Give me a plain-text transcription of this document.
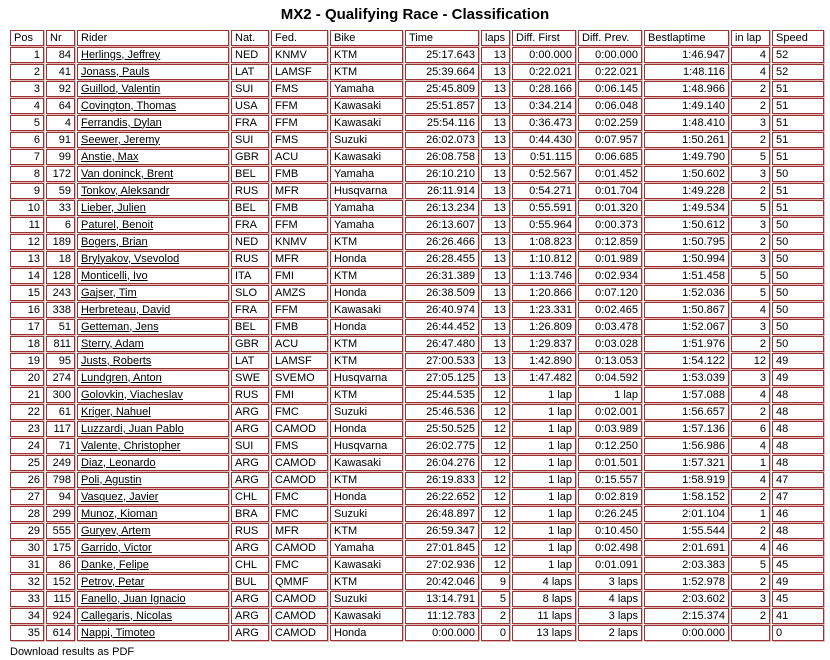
MX2 - Qualifying Race - Classification
Pos	Nr	Rider	Nat.	Fed.	Bike	Time	laps	Diff. First	Diff. Prev.	Bestlaptime	in lap	Speed
1	84	Herlings, Jeffrey	NED	KNMV	KTM	25:17.643	13	0:00.000	0:00.000	1:46.947	4	52
2	41	Jonass, Pauls	LAT	LAMSF	KTM	25:39.664	13	0:22.021	0:22.021	1:48.116	4	52
3	92	Guillod, Valentin	SUI	FMS	Yamaha	25:45.809	13	0:28.166	0:06.145	1:48.966	2	51
4	64	Covington, Thomas	USA	FFM	Kawasaki	25:51.857	13	0:34.214	0:06.048	1:49.140	2	51
5	4	Ferrandis, Dylan	FRA	FFM	Kawasaki	25:54.116	13	0:36.473	0:02.259	1:48.410	3	51
6	91	Seewer, Jeremy	SUI	FMS	Suzuki	26:02.073	13	0:44.430	0:07.957	1:50.261	2	51
7	99	Anstie, Max	GBR	ACU	Kawasaki	26:08.758	13	0:51.115	0:06.685	1:49.790	5	51
8	172	Van doninck, Brent	BEL	FMB	Yamaha	26:10.210	13	0:52.567	0:01.452	1:50.602	3	50
9	59	Tonkov, Aleksandr	RUS	MFR	Husqvarna	26:11.914	13	0:54.271	0:01.704	1:49.228	2	51
10	33	Lieber, Julien	BEL	FMB	Yamaha	26:13.234	13	0:55.591	0:01.320	1:49.534	5	51
11	6	Paturel, Benoit	FRA	FFM	Yamaha	26:13.607	13	0:55.964	0:00.373	1:50.612	3	50
12	189	Bogers, Brian	NED	KNMV	KTM	26:26.466	13	1:08.823	0:12.859	1:50.795	2	50
13	18	Brylyakov, Vsevolod	RUS	MFR	Honda	26:28.455	13	1:10.812	0:01.989	1:50.994	3	50
14	128	Monticelli, Ivo	ITA	FMI	KTM	26:31.389	13	1:13.746	0:02.934	1:51.458	5	50
15	243	Gajser, Tim	SLO	AMZS	Honda	26:38.509	13	1:20.866	0:07.120	1:52.036	5	50
16	338	Herbreteau, David	FRA	FFM	Kawasaki	26:40.974	13	1:23.331	0:02.465	1:50.867	4	50
17	51	Getteman, Jens	BEL	FMB	Honda	26:44.452	13	1:26.809	0:03.478	1:52.067	3	50
18	811	Sterry, Adam	GBR	ACU	KTM	26:47.480	13	1:29.837	0:03.028	1:51.976	2	50
19	95	Justs, Roberts	LAT	LAMSF	KTM	27:00.533	13	1:42.890	0:13.053	1:54.122	12	49
20	274	Lundgren, Anton	SWE	SVEMO	Husqvarna	27:05.125	13	1:47.482	0:04.592	1:53.039	3	49
21	300	Golovkin, Viacheslav	RUS	FMI	KTM	25:44.535	12	1 lap	1 lap	1:57.088	4	48
22	61	Kriger, Nahuel	ARG	FMC	Suzuki	25:46.536	12	1 lap	0:02.001	1:56.657	2	48
23	117	Luzzardi, Juan Pablo	ARG	CAMOD	Honda	25:50.525	12	1 lap	0:03.989	1:57.136	6	48
24	71	Valente, Christopher	SUI	FMS	Husqvarna	26:02.775	12	1 lap	0:12.250	1:56.986	4	48
25	249	Diaz, Leonardo	ARG	CAMOD	Kawasaki	26:04.276	12	1 lap	0:01.501	1:57.321	1	48
26	798	Poli, Agustin	ARG	CAMOD	KTM	26:19.833	12	1 lap	0:15.557	1:58.919	4	47
27	94	Vasquez, Javier	CHL	FMC	Honda	26:22.652	12	1 lap	0:02.819	1:58.152	2	47
28	299	Munoz, Kioman	BRA	FMC	Suzuki	26:48.897	12	1 lap	0:26.245	2:01.104	1	46
29	555	Guryev, Artem	RUS	MFR	KTM	26:59.347	12	1 lap	0:10.450	1:55.544	2	48
30	175	Garrido, Victor	ARG	CAMOD	Yamaha	27:01.845	12	1 lap	0:02.498	2:01.691	4	46
31	86	Danke, Felipe	CHL	FMC	Kawasaki	27:02.936	12	1 lap	0:01.091	2:03.383	5	45
32	152	Petrov, Petar	BUL	QMMF	KTM	20:42.046	9	4 laps	3 laps	1:52.978	2	49
33	115	Fanello, Juan Ignacio	ARG	CAMOD	Suzuki	13:14.791	5	8 laps	4 laps	2:03.602	3	45
34	924	Callegaris, Nicolas	ARG	CAMOD	Kawasaki	11:12.783	2	11 laps	3 laps	2:15.374	2	41
35	614	Nappi, Timoteo	ARG	CAMOD	Honda	0:00.000	0	13 laps	2 laps	0:00.000		0
Download results as PDF
